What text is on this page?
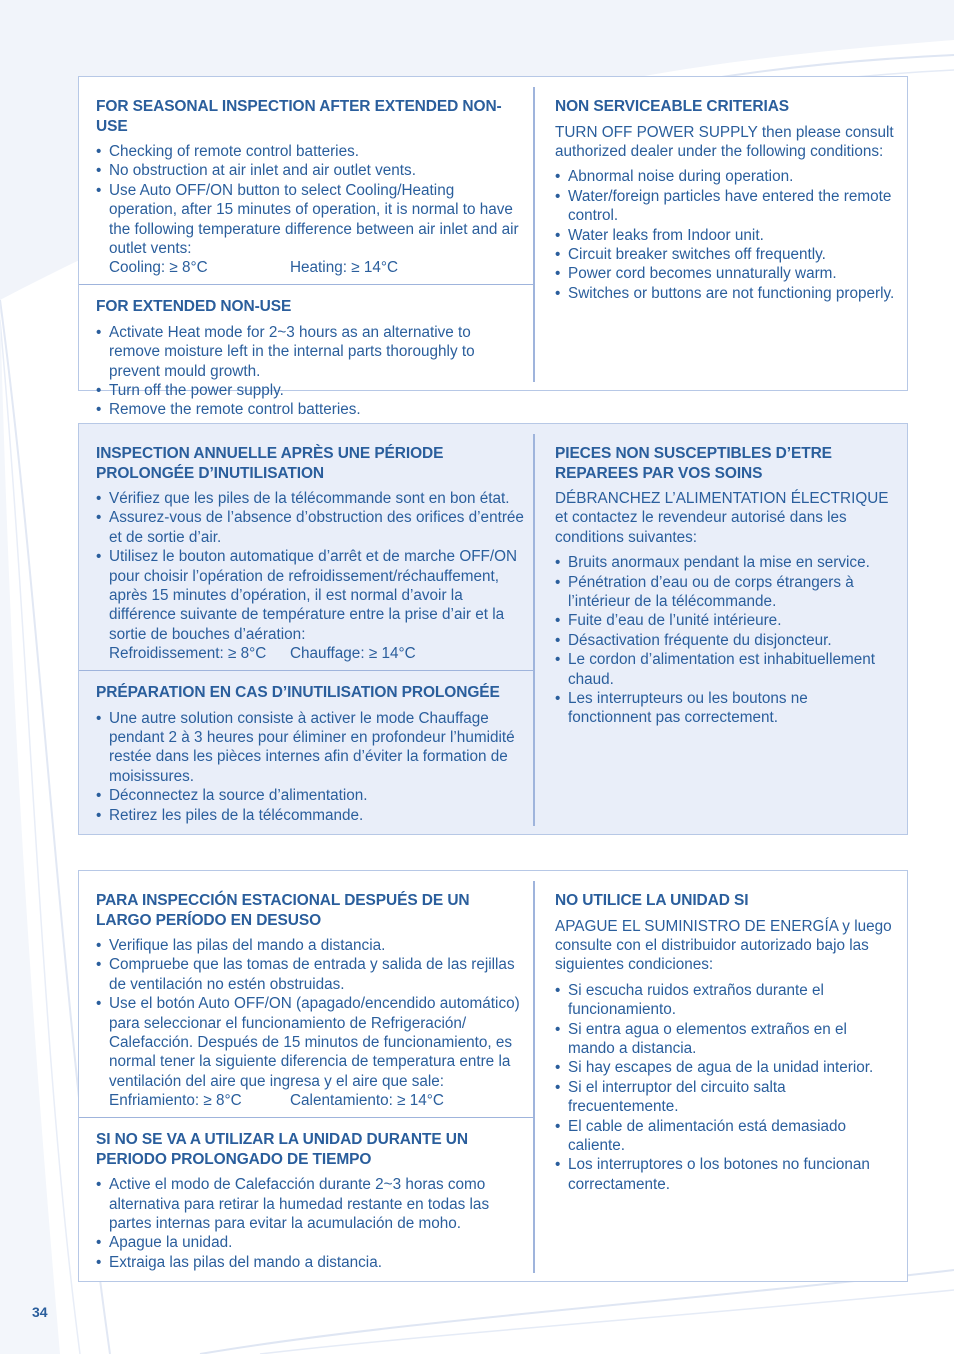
FOR SEASONAL INSPECTION AFTER EXTENDED NON-USE
• Checking of remote control batteries.
• No obstruction at air inlet and air outlet vents.
• Use Auto OFF/ON button to select Cooling/Heating operation, after 15 minutes of operation, it is normal to have the following temperature difference between air inlet and air outlet vents:
Cooling: ≥ 8°C	Heating: ≥ 14°C
FOR EXTENDED NON-USE
• Activate Heat mode for 2~3 hours as an alternative to remove moisture left in the internal parts thoroughly to prevent mould growth.
• Turn off the power supply.
• Remove the remote control batteries.
NON SERVICEABLE CRITERIAS

TURN OFF POWER SUPPLY then please consult authorized dealer under the following conditions:

• Abnormal noise during operation.
• Water/foreign particles have entered the remote control.
• Water leaks from Indoor unit.
• Circuit breaker switches off frequently.
• Power cord becomes unnaturally warm.
• Switches or buttons are not functioning properly.
INSPECTION ANNUELLE APRÈS UNE PÉRIODE PROLONGÉE D’INUTILISATION
• Vérifiez que les piles de la télécommande sont en bon état.
• Assurez-vous de l’absence d’obstruction des orifices d’entrée et de sortie d’air.
• Utilisez le bouton automatique d’arrêt et de marche OFF/ON pour choisir l’opération de refroidissement/réchauffement, après 15 minutes d’opération, il est normal d’avoir la différence suivante de température entre la prise d’air et la sortie de bouches d’aération:
Refroidissement: ≥ 8°C Chauffage: ≥ 14°C
PRÉPARATION EN CAS D’INUTILISATION PROLONGÉE
• Une autre solution consiste à activer le mode Chauffage pendant 2 à 3 heures pour éliminer en profondeur l’humidité restée dans les pièces internes afin d’éviter la formation de moisissures.
• Déconnectez la source d’alimentation.
• Retirez les piles de la télécommande.
PIECES NON SUSCEPTIBLES D’ETRE REPAREES PAR VOS SOINS

DÉBRANCHEZ L’ALIMENTATION ÉLECTRIQUE et contactez le revendeur autorisé dans les conditions suivantes:

• Bruits anormaux pendant la mise en service.
• Pénétration d’eau ou de corps étrangers à l’intérieur de la télécommande.
• Fuite d’eau de l’unité intérieure.
• Désactivation fréquente du disjoncteur.
• Le cordon d’alimentation est inhabituellement chaud.
• Les interrupteurs ou les boutons ne fonctionnent pas correctement.
PARA INSPECCIÓN ESTACIONAL DESPUÉS DE UN LARGO PERÍODO EN DESUSO
• Verifique las pilas del mando a distancia.
• Compruebe que las tomas de entrada y salida de las rejillas de ventilación no estén obstruidas.
• Use el botón Auto OFF/ON (apagado/encendido automático) para seleccionar el funcionamiento de Refrigeración/ Calefacción. Después de 15 minutos de funcionamiento, es normal tener la siguiente diferencia de temperatura entre la ventilación del aire que ingresa y el aire que sale:
Enfriamiento: ≥ 8°C	Calentamiento: ≥ 14°C
SI NO SE VA A UTILIZAR LA UNIDAD DURANTE UN PERIODO PROLONGADO DE TIEMPO
• Active el modo de Calefacción durante 2~3 horas como alternativa para retirar la humedad restante en todas las partes internas para evitar la acumulación de moho.
• Apague la unidad.
• Extraiga las pilas del mando a distancia.
NO UTILICE LA UNIDAD SI

APAGUE EL SUMINISTRO DE ENERGÍA y luego consulte con el distribuidor autorizado bajo las siguientes condiciones:

• Si escucha ruidos extraños durante el funcionamiento.
• Si entra agua o elementos extraños en el mando a distancia.
• Si hay escapes de agua de la unidad interior.
• Si el interruptor del circuito salta frecuentemente.
• El cable de alimentación está demasiado caliente.
• Los interruptores o los botones no funcionan correctamente.
34
